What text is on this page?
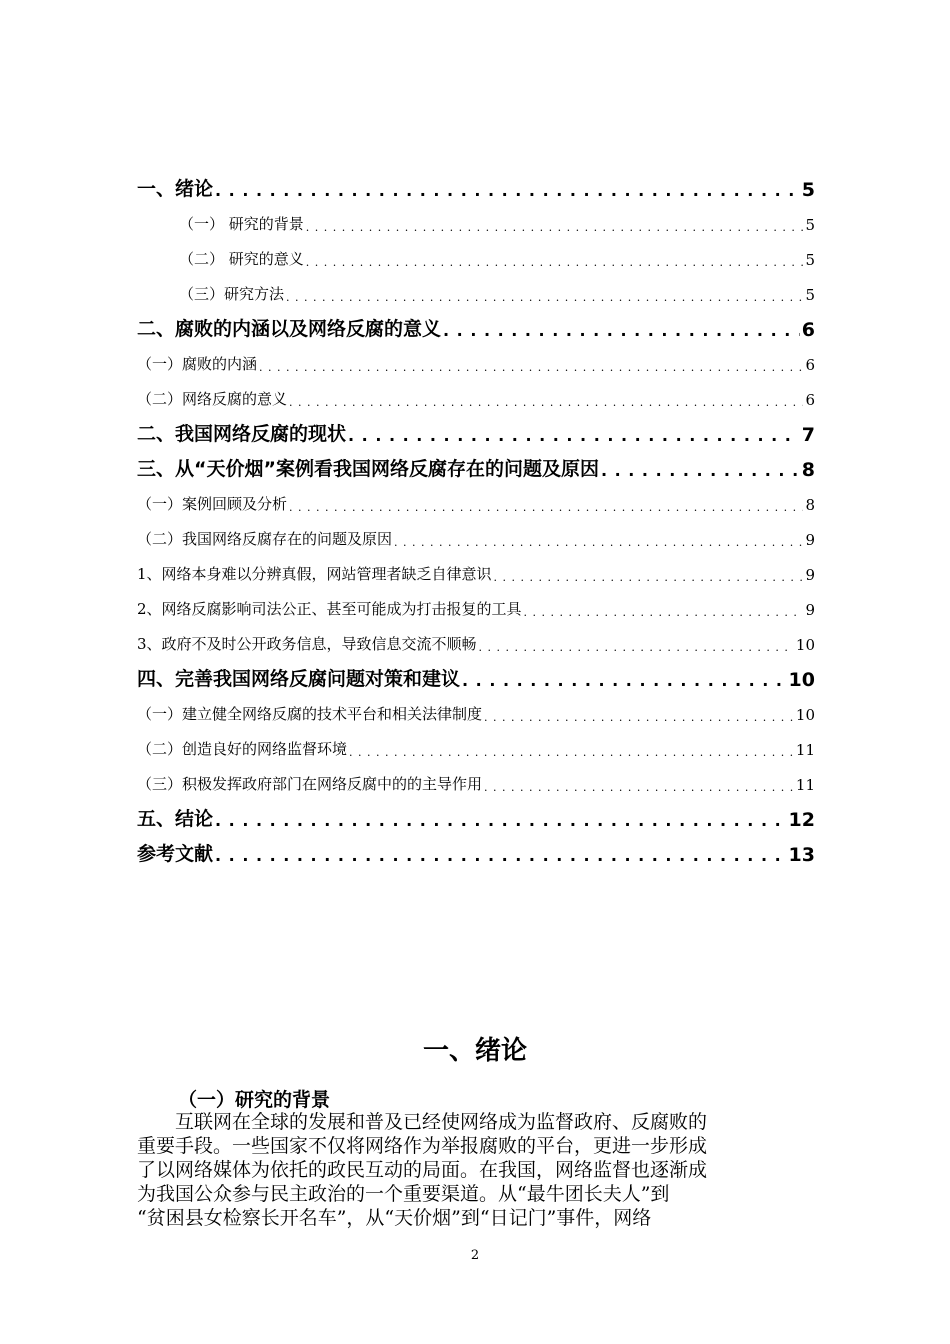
一、绪论 . . .	5
（一） 研究的背景 . . .	5
（二） 研究的意义 . . .	5
（三）研究方法 . . .	5
二、腐败的内涵以及网络反腐的意义 . . .	6
（一）腐败的内涵 . . .	6
（二）网络反腐的意义 . . .	6
二、我国网络反腐的现状 . . .	7
三、从“天价烟”案例看我国网络反腐存在的问题及原因 . . .	8
（一）案例回顾及分析 . . .	8
（二）我国网络反腐存在的问题及原因 . . .	9
1、网络本身难以分辨真假，网站管理者缺乏自律意识 . . .	9
2、网络反腐影响司法公正、甚至可能成为打击报复的工具 . . .	9
3、政府不及时公开政务信息，导致信息交流不顺畅 . . .	10
四、完善我国网络反腐问题对策和建议 . . .	10
（一）建立健全网络反腐的技术平台和相关法律制度 . . .	10
（二）创造良好的网络监督环境 . . .	11
（三）积极发挥政府部门在网络反腐中的的主导作用 . . .	11
五、结论 . . .	12
参考文献 . . .	13
一、绪论
（一）研究的背景
　　互联网在全球的发展和普及已经使网络成为监督政府、反腐败的
重要手段。一些国家不仅将网络作为举报腐败的平台，更进一步形成
了以网络媒体为依托的政民互动的局面。在我国，网络监督也逐渐成
为我国公众参与民主政治的一个重要渠道。从“最牛团长夫人”到
“贫困县女检察长开名车”，从“天价烟”到“日记门”事件，网络
2
